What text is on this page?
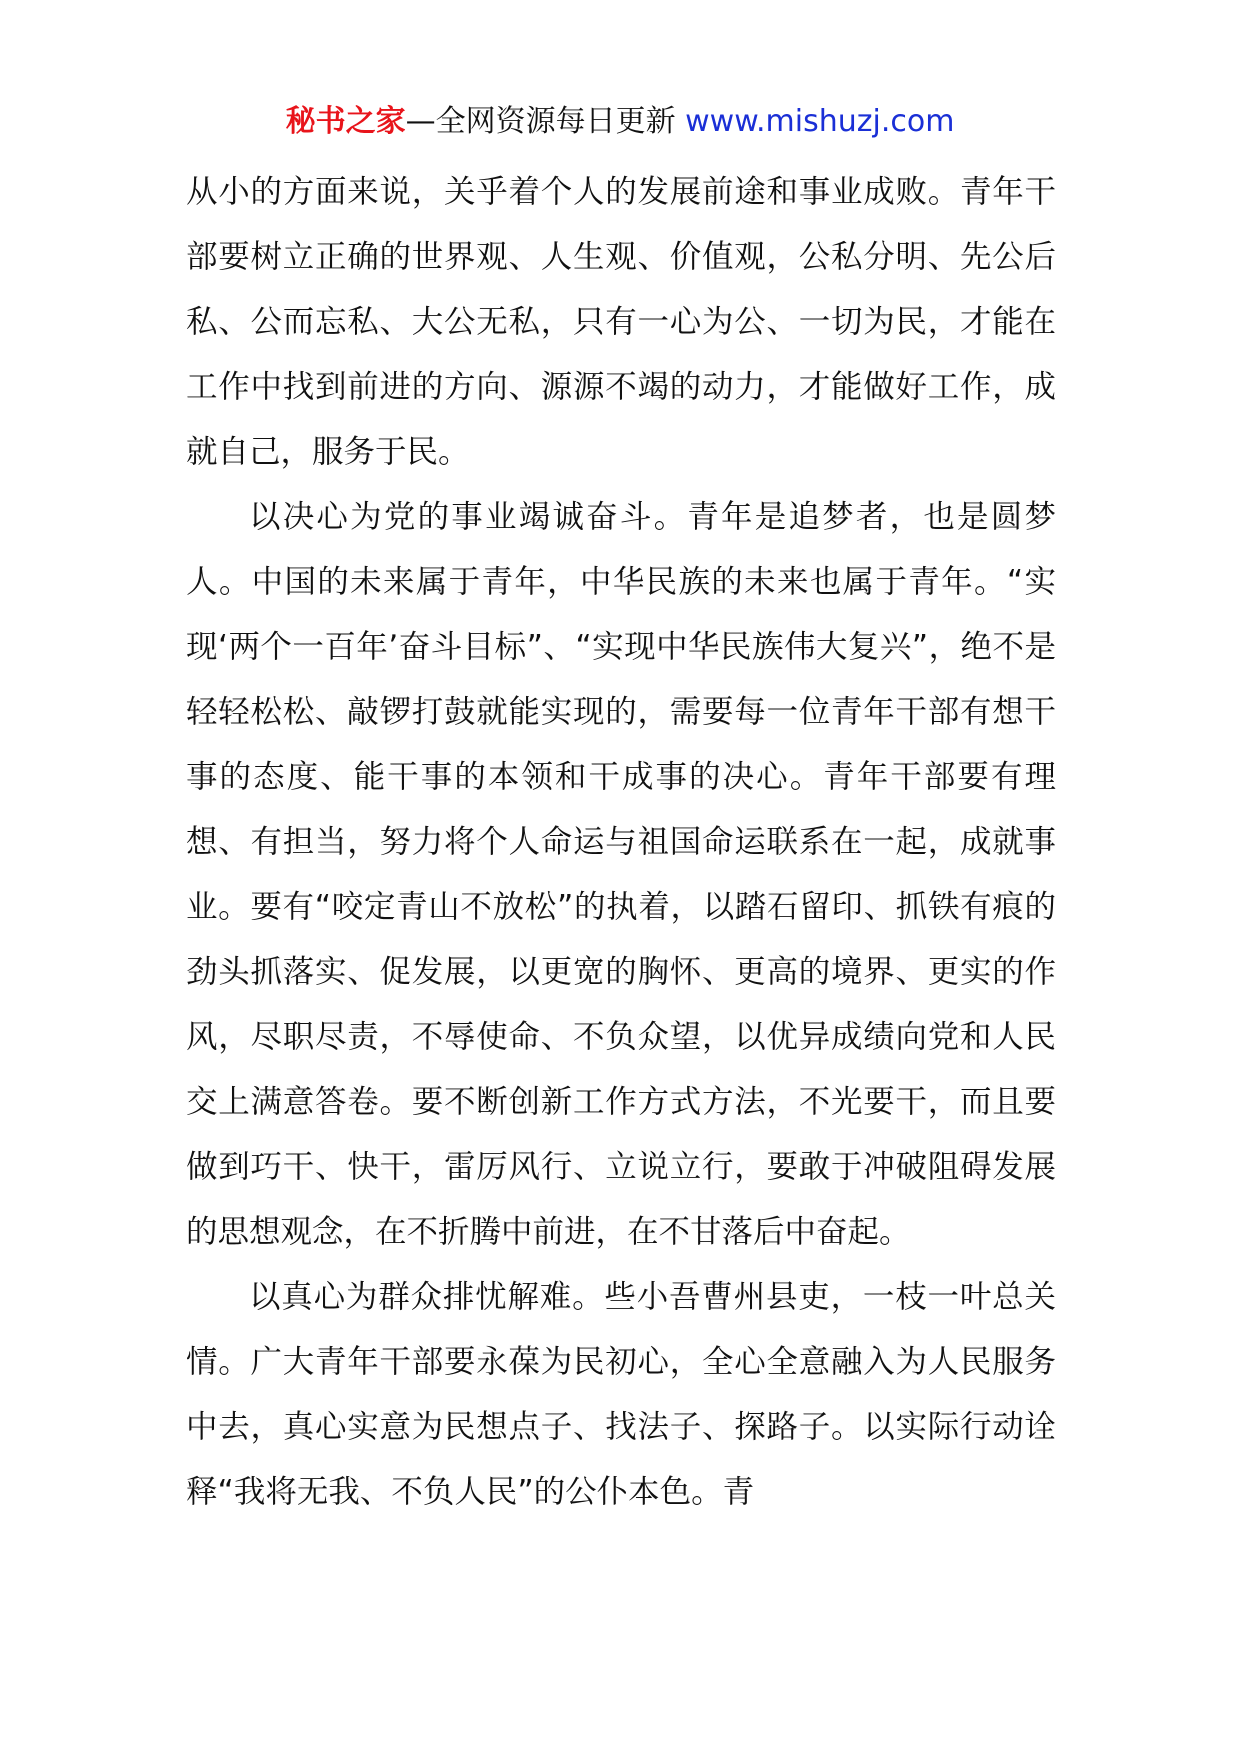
秘书之家—全网资源每日更新 www.mishuzj.com

从小的方面来说，关乎着个人的发展前途和事业成败。青年干部要树立正确的世界观、人生观、价值观，公私分明、先公后私、公而忘私、大公无私，只有一心为公、一切为民，才能在工作中找到前进的方向、源源不竭的动力，才能做好工作，成就自己，服务于民。

以决心为党的事业竭诚奋斗。青年是追梦者，也是圆梦人。中国的未来属于青年，中华民族的未来也属于青年。“实现‘两个一百年’奋斗目标”、“实现中华民族伟大复兴”，绝不是轻轻松松、敲锣打鼓就能实现的，需要每一位青年干部有想干事的态度、能干事的本领和干成事的决心。青年干部要有理想、有担当，努力将个人命运与祖国命运联系在一起，成就事业。要有“咬定青山不放松”的执着，以踏石留印、抓铁有痕的劲头抓落实、促发展，以更宽的胸怀、更高的境界、更实的作风，尽职尽责，不辱使命、不负众望，以优异成绩向党和人民交上满意答卷。要不断创新工作方式方法，不光要干，而且要做到巧干、快干，雷厉风行、立说立行，要敢于冲破阻碍发展的思想观念，在不折腾中前进，在不甘落后中奋起。

以真心为群众排忧解难。些小吾曹州县吏，一枝一叶总关情。广大青年干部要永葆为民初心，全心全意融入为人民服务中去，真心实意为民想点子、找法子、探路子。以实际行动诠释“我将无我、不负人民”的公仆本色。青
